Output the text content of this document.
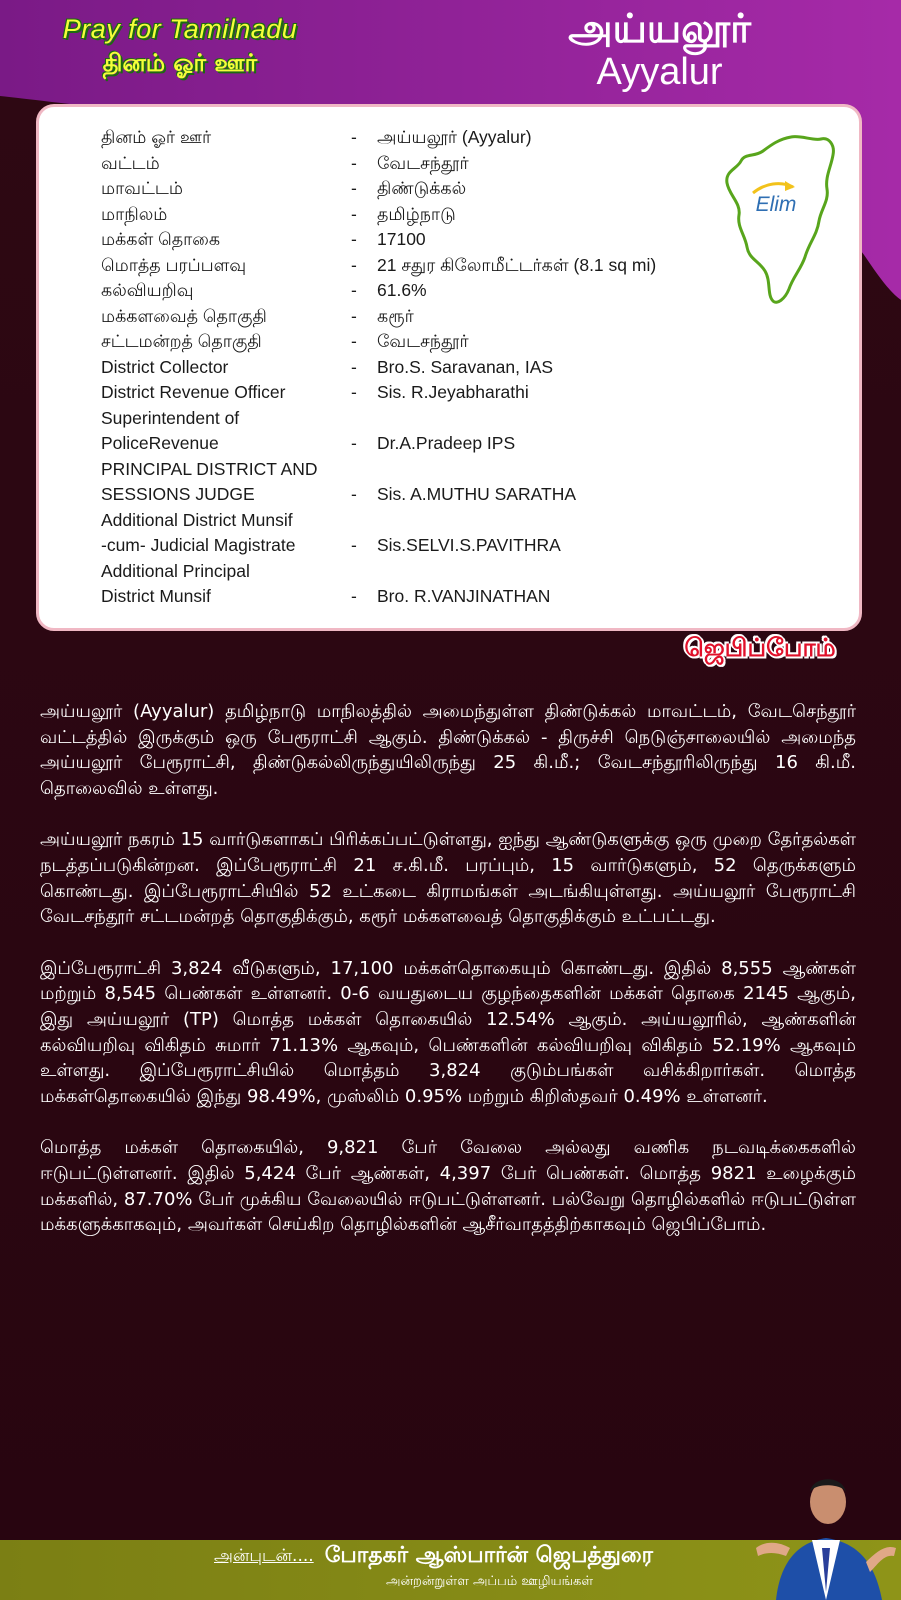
Pray for Tamilnadu
தினம் ஓர் ஊர்
அய்யலூர்
Ayyalur
தினம் ஓர் ஊர்	-	அய்யலூர் (Ayyalur)
வட்டம்	-	வேடசந்தூர்
மாவட்டம்	-	திண்டுக்கல்
மாநிலம்	-	தமிழ்நாடு
மக்கள் தொகை	-	17100
மொத்த பரப்பளவு	-	21 சதுர கிலோமீட்டர்கள் (8.1 sq mi)
கல்வியறிவு	-	61.6%
மக்களவைத் தொகுதி	-	கரூர்
சட்டமன்றத் தொகுதி	-	வேடசந்தூர்
District Collector	-	Bro.S. Saravanan, IAS
District Revenue Officer	-	Sis. R.Jeyabharathi
Superintendent of
PoliceRevenue	-	Dr.A.Pradeep IPS
PRINCIPAL DISTRICT AND
SESSIONS JUDGE	-	Sis. A.MUTHU SARATHA
Additional District Munsif
-cum- Judicial Magistrate	-	Sis.SELVI.S.PAVITHRA
Additional Principal
District Munsif	-	Bro. R.VANJINATHAN
Elim
ஜெபிப்போம்

அய்யலூர் (Ayyalur) தமிழ்நாடு மாநிலத்தில் அமைந்துள்ள திண்டுக்கல் மாவட்டம், வேடசெந்தூர் வட்டத்தில் இருக்கும் ஒரு பேரூராட்சி ஆகும். திண்டுக்கல் - திருச்சி நெடுஞ்சாலையில் அமைந்த அய்யலூர் பேரூராட்சி, திண்டுகல்லிருந்துயிலிருந்து 25 கி.மீ.; வேடசந்தூரிலிருந்து 16 கி.மீ. தொலைவில் உள்ளது.

அய்யலூர் நகரம் 15 வார்டுகளாகப் பிரிக்கப்பட்டுள்ளது, ஐந்து ஆண்டுகளுக்கு ஒரு முறை தேர்தல்கள் நடத்தப்படுகின்றன. இப்பேரூராட்சி 21 ச.கி.மீ. பரப்பும், 15 வார்டுகளும், 52 தெருக்களும் கொண்டது. இப்பேரூராட்சியில் 52 உட்கடை கிராமங்கள் அடங்கியுள்ளது. அய்யலூர் பேரூராட்சி வேடசந்தூர் சட்டமன்றத் தொகுதிக்கும், கரூர் மக்களவைத் தொகுதிக்கும் உட்பட்டது.

இப்பேரூராட்சி 3,824 வீடுகளும், 17,100 மக்கள்தொகையும் கொண்டது. இதில் 8,555 ஆண்கள் மற்றும் 8,545 பெண்கள் உள்ளனர். 0-6 வயதுடைய குழந்தைகளின் மக்கள் தொகை 2145 ஆகும், இது அய்யலூர் (TP) மொத்த மக்கள் தொகையில் 12.54% ஆகும். அய்யலூரில், ஆண்களின் கல்வியறிவு விகிதம் சுமார் 71.13% ஆகவும், பெண்களின் கல்வியறிவு விகிதம் 52.19% ஆகவும் உள்ளது. இப்பேரூராட்சியில் மொத்தம் 3,824 குடும்பங்கள் வசிக்கிறார்கள். மொத்த மக்கள்தொகையில் இந்து 98.49%, முஸ்லிம் 0.95% மற்றும் கிறிஸ்தவர் 0.49% உள்ளனர்.

மொத்த மக்கள் தொகையில், 9,821 பேர் வேலை அல்லது வணிக நடவடிக்கைகளில் ஈடுபட்டுள்ளனர். இதில் 5,424 பேர் ஆண்கள், 4,397 பேர் பெண்கள். மொத்த 9821 உழைக்கும் மக்களில், 87.70% பேர் முக்கிய வேலையில் ஈடுபட்டுள்ளனர். பல்வேறு தொழில்களில் ஈடுபட்டுள்ள மக்களுக்காகவும், அவர்கள் செய்கிற தொழில்களின் ஆசீர்வாதத்திற்காகவும் ஜெபிப்போம்.

அன்புடன்.... போதகர் ஆஸ்பார்ன் ஜெபத்துரை
அன்றன்றுள்ள அப்பம் ஊழியங்கள்
